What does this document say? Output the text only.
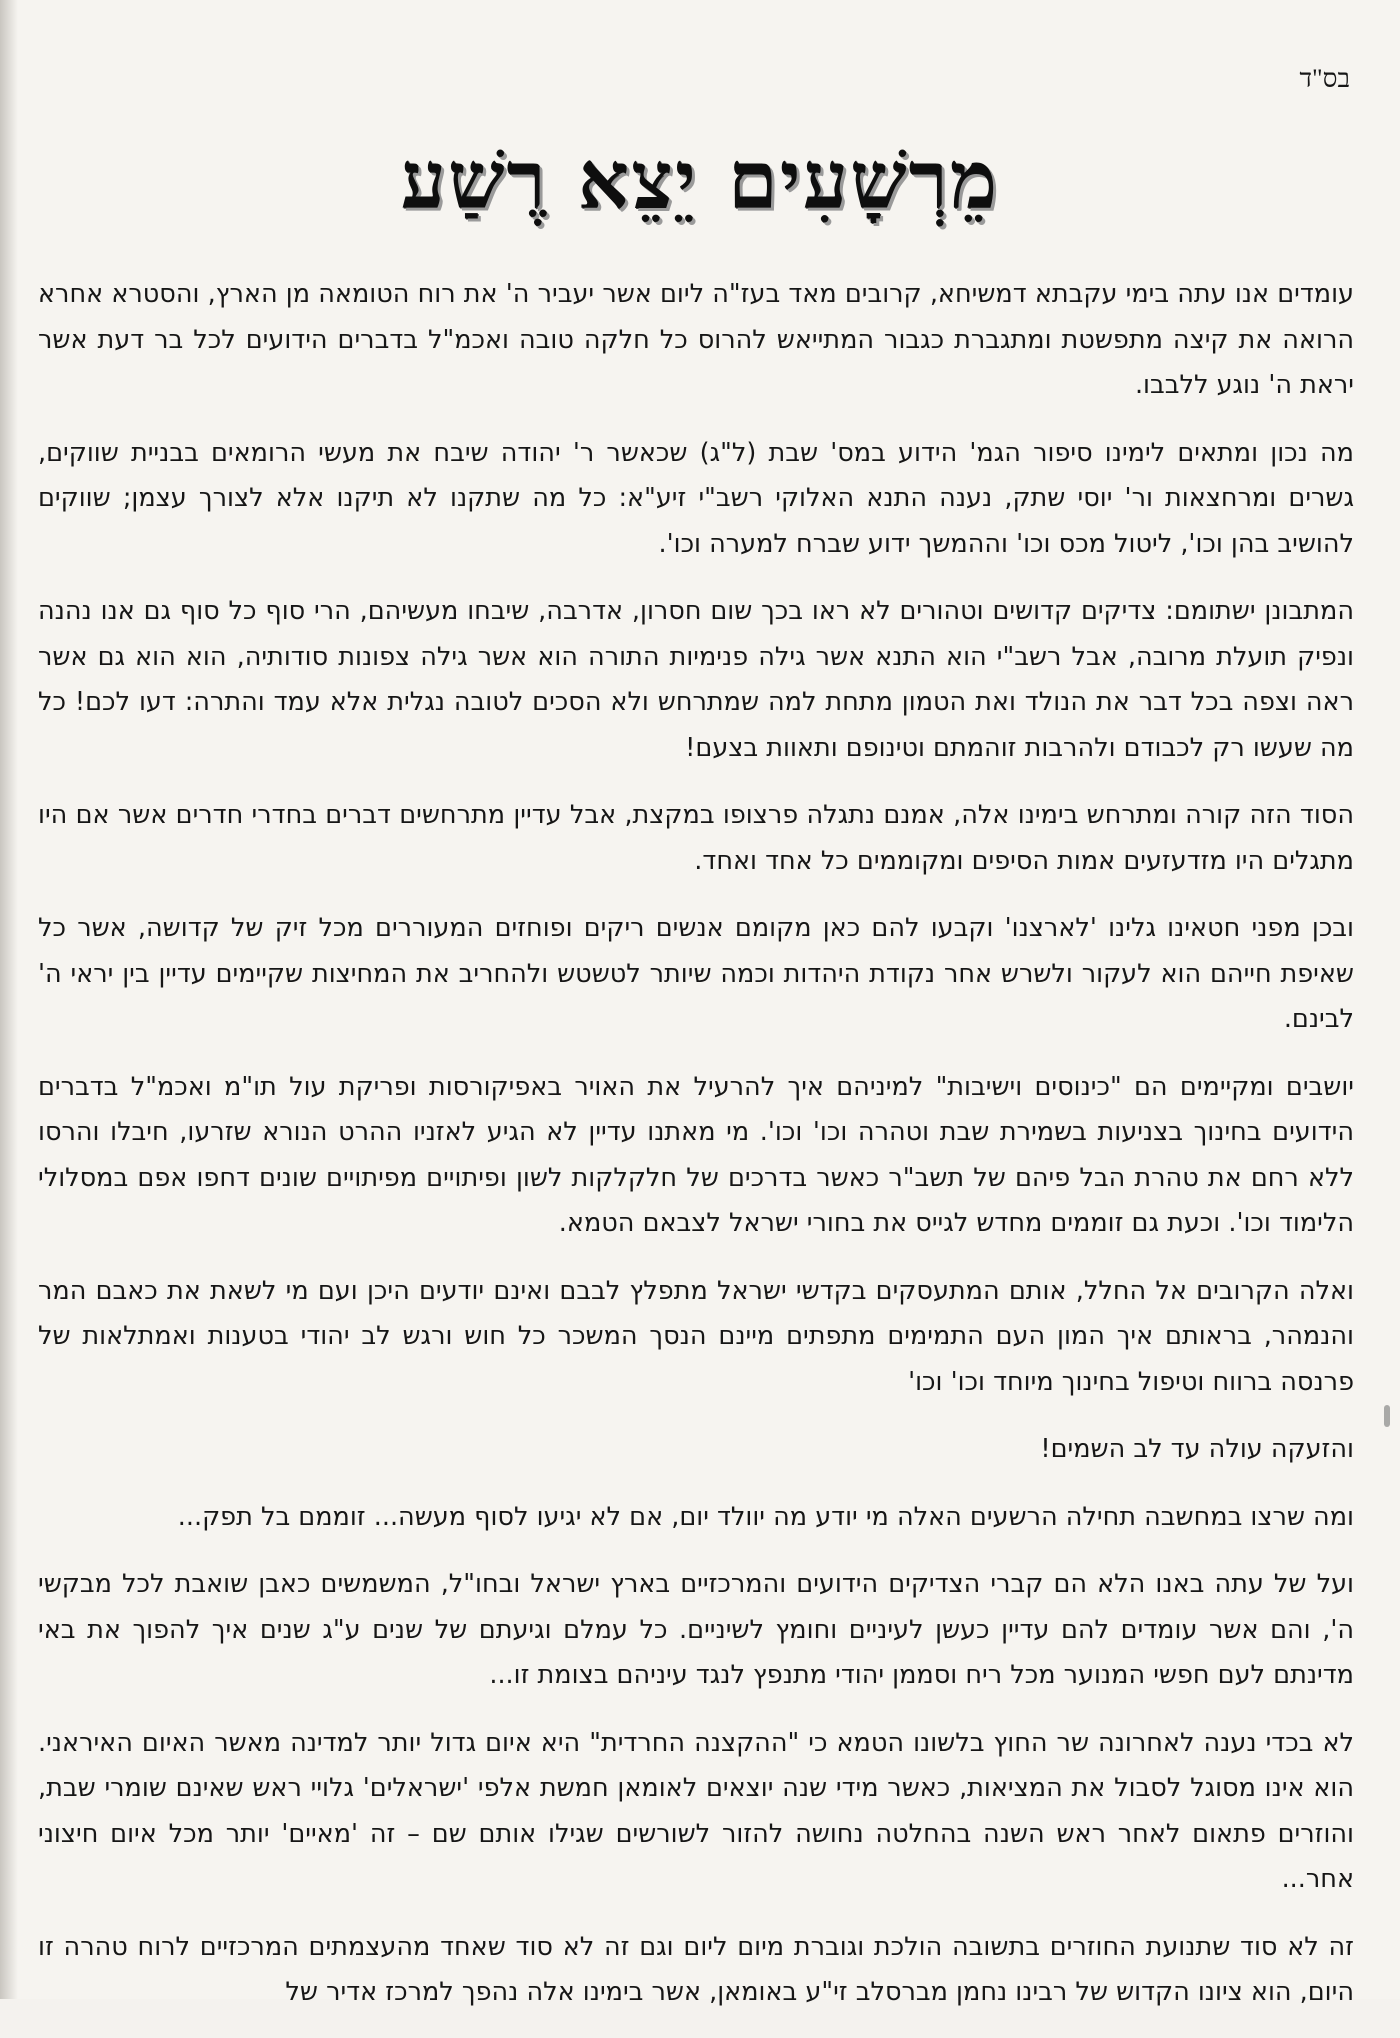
בס"ד
מֵרְשָׁעִים יֵצֵא רֶשַׁע

עומדים אנו עתה בימי עקבתא דמשיחא, קרובים מאד בעז"ה ליום אשר יעביר ה' את רוח הטומאה מן הארץ, והסטרא אחרא הרואה את קיצה מתפשטת ומתגברת כגבור המתייאש להרוס כל חלקה טובה ואכמ"ל בדברים הידועים לכל בר דעת אשר יראת ה' נוגע ללבבו.

מה נכון ומתאים לימינו סיפור הגמ' הידוע במס' שבת (ל"ג) שכאשר ר' יהודה שיבח את מעשי הרומאים בבניית שווקים, גשרים ומרחצאות ור' יוסי שתק, נענה התנא האלוקי רשב"י זיע"א: כל מה שתקנו לא תיקנו אלא לצורך עצמן; שווקים להושיב בהן וכו', ליטול מכס וכו' וההמשך ידוע שברח למערה וכו'.

המתבונן ישתומם: צדיקים קדושים וטהורים לא ראו בכך שום חסרון, אדרבה, שיבחו מעשיהם, הרי סוף כל סוף גם אנו נהנה ונפיק תועלת מרובה, אבל רשב"י הוא התנא אשר גילה פנימיות התורה הוא אשר גילה צפונות סודותיה, הוא הוא גם אשר ראה וצפה בכל דבר את הנולד ואת הטמון מתחת למה שמתרחש ולא הסכים לטובה נגלית אלא עמד והתרה: דעו לכם! כל מה שעשו רק לכבודם ולהרבות זוהמתם וטינופם ותאוות בצעם!

הסוד הזה קורה ומתרחש בימינו אלה, אמנם נתגלה פרצופו במקצת, אבל עדיין מתרחשים דברים בחדרי חדרים אשר אם היו מתגלים היו מזדעזעים אמות הסיפים ומקוממים כל אחד ואחד.

ובכן מפני חטאינו גלינו 'לארצנו' וקבעו להם כאן מקומם אנשים ריקים ופוחזים המעוררים מכל זיק של קדושה, אשר כל שאיפת חייהם הוא לעקור ולשרש אחר נקודת היהדות וכמה שיותר לטשטש ולהחריב את המחיצות שקיימים עדיין בין יראי ה' לבינם.

יושבים ומקיימים הם "כינוסים וישיבות" למיניהם איך להרעיל את האויר באפיקורסות ופריקת עול תו"מ ואכמ"ל בדברים הידועים בחינוך בצניעות בשמירת שבת וטהרה וכו' וכו'. מי מאתנו עדיין לא הגיע לאזניו ההרט הנורא שזרעו, חיבלו והרסו ללא רחם את טהרת הבל פיהם של תשב"ר כאשר בדרכים של חלקלקות לשון ופיתויים מפיתויים שונים דחפו אפם במסלולי הלימוד וכו'. וכעת גם זוממים מחדש לגייס את בחורי ישראל לצבאם הטמא.

ואלה הקרובים אל החלל, אותם המתעסקים בקדשי ישראל מתפלץ לבבם ואינם יודעים היכן ועם מי לשאת את כאבם המר והנמהר, בראותם איך המון העם התמימים מתפתים מיינם הנסך המשכר כל חוש ורגש לב יהודי בטענות ואמתלאות של פרנסה ברווח וטיפול בחינוך מיוחד וכו' וכו'

והזעקה עולה עד לב השמים!

ומה שרצו במחשבה תחילה הרשעים האלה מי יודע מה יוולד יום, אם לא יגיעו לסוף מעשה... זוממם בל תפק...

ועל של עתה באנו הלא הם קברי הצדיקים הידועים והמרכזיים בארץ ישראל ובחו"ל, המשמשים כאבן שואבת לכל מבקשי ה', והם אשר עומדים להם עדיין כעשן לעיניים וחומץ לשיניים. כל עמלם וגיעתם של שנים ע"ג שנים איך להפוך את באי מדינתם לעם חפשי המנוער מכל ריח וסממן יהודי מתנפץ לנגד עיניהם בצומת זו...

לא בכדי נענה לאחרונה שר החוץ בלשונו הטמא כי "ההקצנה החרדית" היא איום גדול יותר למדינה מאשר האיום האיראני. הוא אינו מסוגל לסבול את המציאות, כאשר מידי שנה יוצאים לאומאן חמשת אלפי 'ישראלים' גלויי ראש שאינם שומרי שבת, והוזרים פתאום לאחר ראש השנה בהחלטה נחושה להזור לשורשים שגילו אותם שם – זה 'מאיים' יותר מכל איום חיצוני אחר...

זה לא סוד שתנועת החוזרים בתשובה הולכת וגוברת מיום ליום וגם זה לא סוד שאחד מהעצמתים המרכזיים לרוח טהרה זו היום, הוא ציונו הקדוש של רבינו נחמן מברסלב זי"ע באומאן, אשר בימינו אלה נהפך למרכז אדיר של
